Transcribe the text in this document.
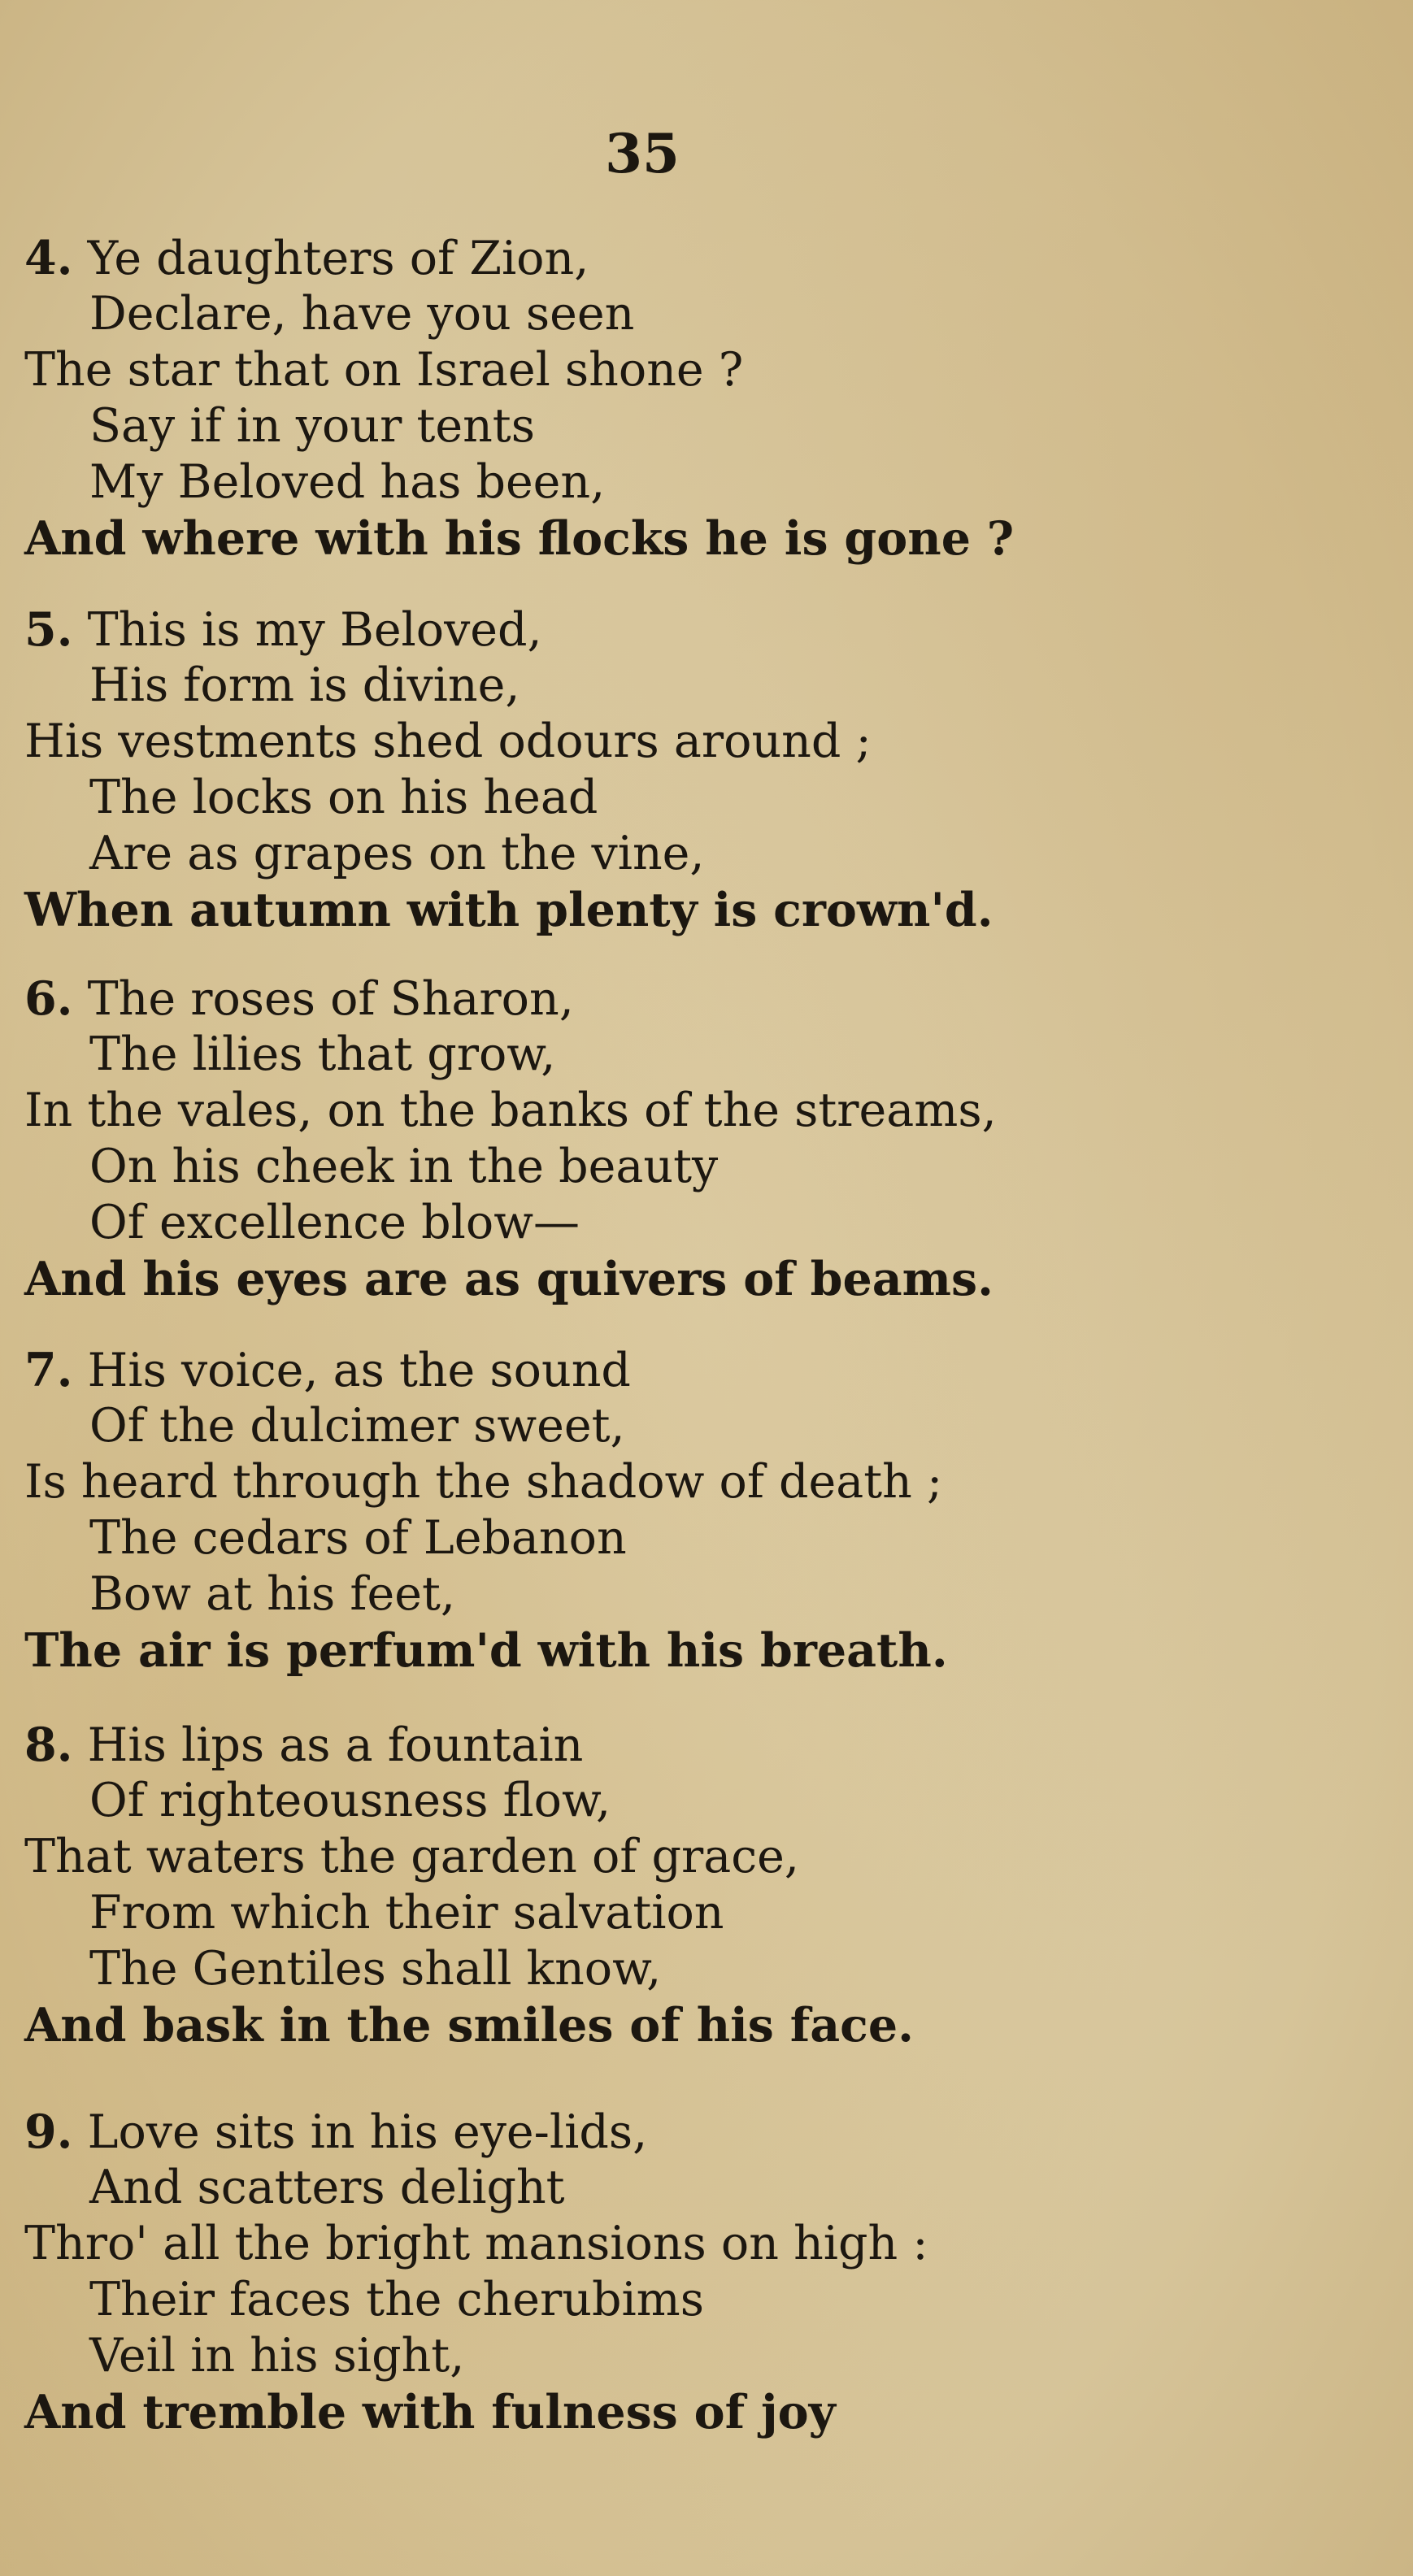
35
4. Ye daughters of Zion,
Declare, have you seen
The star that on Israel shone ?
Say if in your tents
My Beloved has been,
And where with his flocks he is gone ?
5. This is my Beloved,
His form is divine,
His vestments shed odours around ;
The locks on his head
Are as grapes on the vine,
When autumn with plenty is crown'd.
6. The roses of Sharon,
The lilies that grow,
In the vales, on the banks of the streams,
On his cheek in the beauty
Of excellence blow—
And his eyes are as quivers of beams.
7. His voice, as the sound
Of the dulcimer sweet,
Is heard through the shadow of death ;
The cedars of Lebanon
Bow at his feet,
The air is perfum'd with his breath.
8. His lips as a fountain
Of righteousness flow,
That waters the garden of grace,
From which their salvation
The Gentiles shall know,
And bask in the smiles of his face.
9. Love sits in his eye-lids,
And scatters delight
Thro' all the bright mansions on high :
Their faces the cherubims
Veil in his sight,
And tremble with fulness of joy
